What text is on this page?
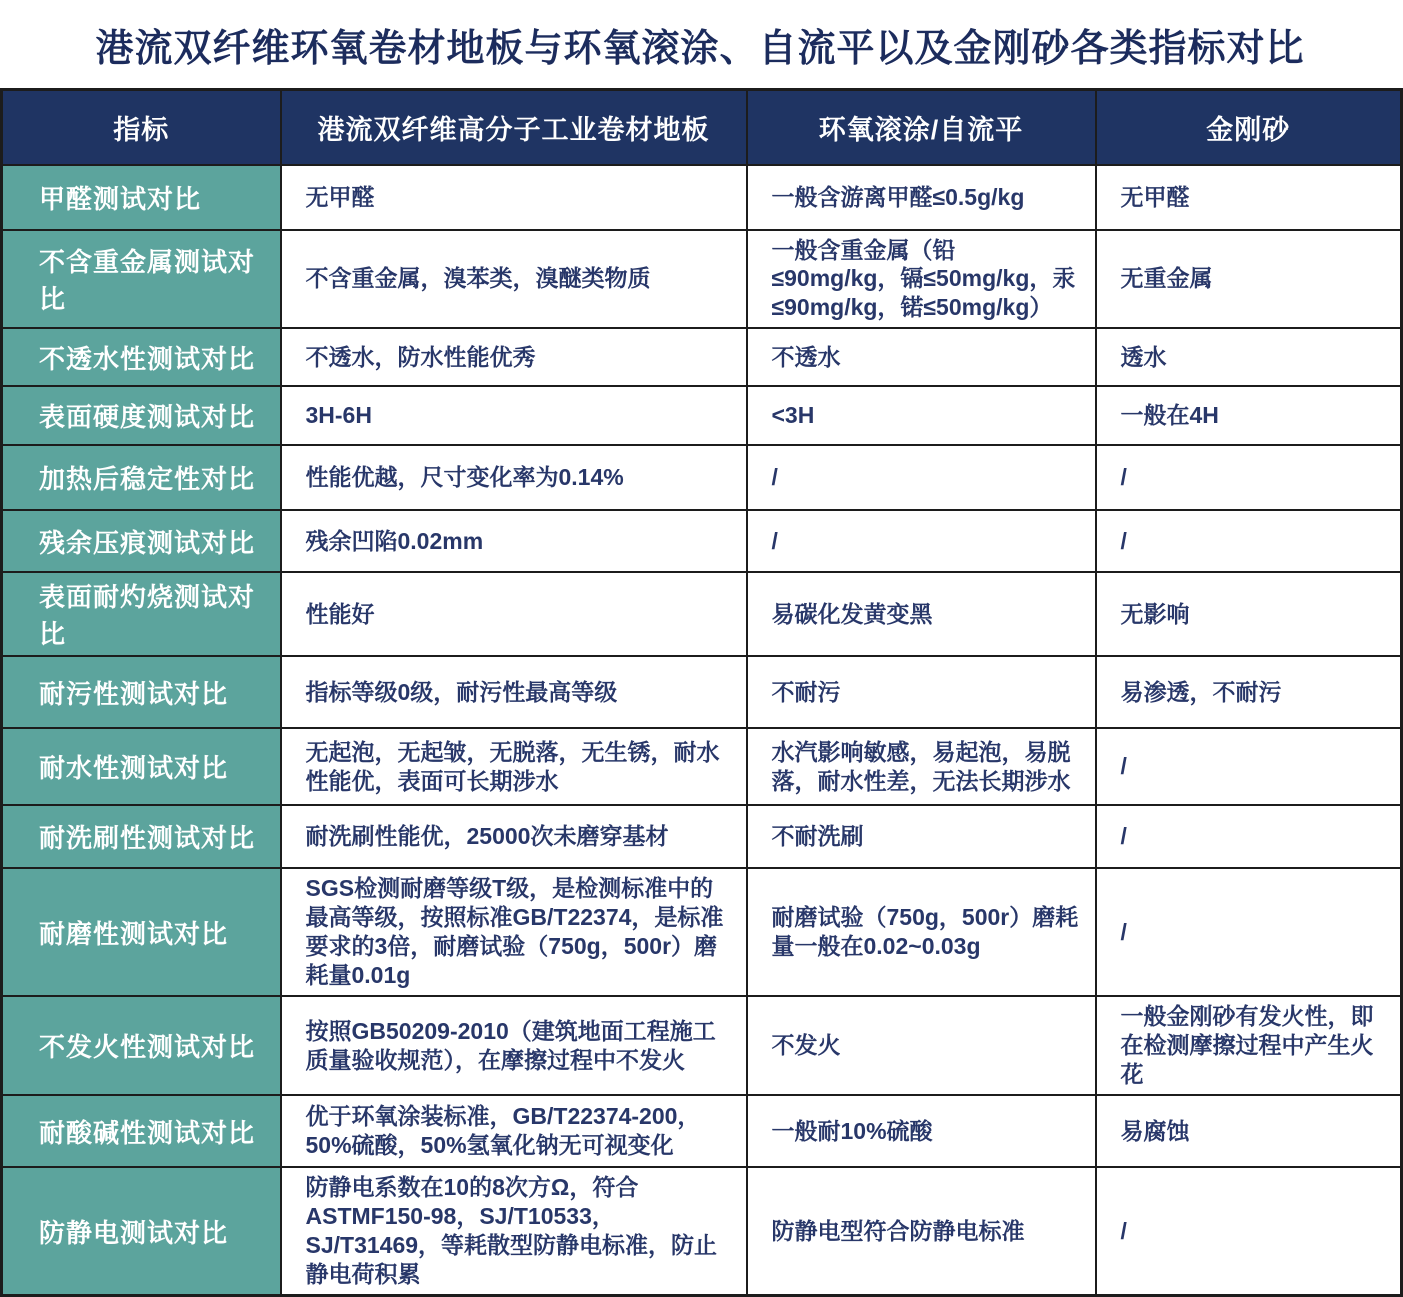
港流双纤维环氧卷材地板与环氧滚涂、自流平以及金刚砂各类指标对比
指标	港流双纤维高分子工业卷材地板	环氧滚涂/自流平	金刚砂
甲醛测试对比	无甲醛	一般含游离甲醛≤0.5g/kg	无甲醛
不含重金属测试对比	不含重金属，溴苯类，溴醚类物质	一般含重金属（铅≤90mg/kg，镉≤50mg/kg，汞≤90mg/kg，锘≤50mg/kg）	无重金属
不透水性测试对比	不透水，防水性能优秀	不透水	透水
表面硬度测试对比	3H-6H	<3H	一般在4H
加热后稳定性对比	性能优越，尺寸变化率为0.14%	/	/
残余压痕测试对比	残余凹陷0.02mm	/	/
表面耐灼烧测试对比	性能好	易碳化发黄变黑	无影响
耐污性测试对比	指标等级0级，耐污性最高等级	不耐污	易渗透，不耐污
耐水性测试对比	无起泡，无起皱，无脱落，无生锈，耐水性能优，表面可长期涉水	水汽影响敏感，易起泡，易脱落，耐水性差，无法长期涉水	/
耐洗刷性测试对比	耐洗刷性能优，25000次未磨穿基材	不耐洗刷	/
耐磨性测试对比	SGS检测耐磨等级T级，是检测标准中的最高等级，按照标准GB/T22374，是标准要求的3倍，耐磨试验（750g，500r）磨耗量0.01g	耐磨试验（750g，500r）磨耗量一般在0.02~0.03g	/
不发火性测试对比	按照GB50209-2010（建筑地面工程施工质量验收规范），在摩擦过程中不发火	不发火	一般金刚砂有发火性，即在检测摩擦过程中产生火花
耐酸碱性测试对比	优于环氧涂装标准，GB/T22374-200，50%硫酸，50%氢氧化钠无可视变化	一般耐10%硫酸	易腐蚀
防静电测试对比	防静电系数在10的8次方Ω，符合ASTMF150-98，SJ/T10533，SJ/T31469，等耗散型防静电标准，防止静电荷积累	防静电型符合防静电标准	/
